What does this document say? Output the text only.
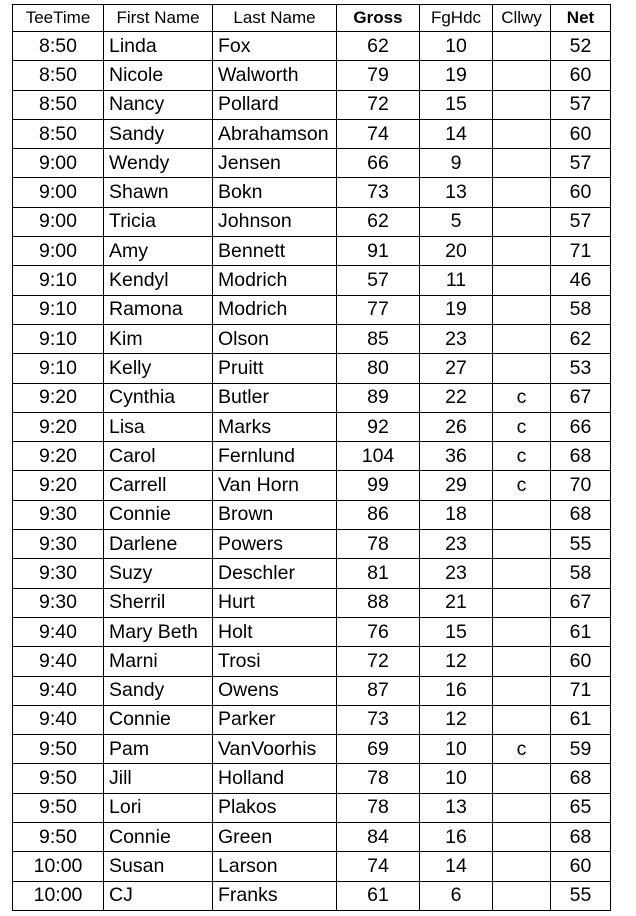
TeeTime	First Name	Last Name	Gross	FgHdc	Cllwy	Net
8:50	Linda	Fox	62	10		52
8:50	Nicole	Walworth	79	19		60
8:50	Nancy	Pollard	72	15		57
8:50	Sandy	Abrahamson	74	14		60
9:00	Wendy	Jensen	66	9		57
9:00	Shawn	Bokn	73	13		60
9:00	Tricia	Johnson	62	5		57
9:00	Amy	Bennett	91	20		71
9:10	Kendyl	Modrich	57	11		46
9:10	Ramona	Modrich	77	19		58
9:10	Kim	Olson	85	23		62
9:10	Kelly	Pruitt	80	27		53
9:20	Cynthia	Butler	89	22	c	67
9:20	Lisa	Marks	92	26	c	66
9:20	Carol	Fernlund	104	36	c	68
9:20	Carrell	Van Horn	99	29	c	70
9:30	Connie	Brown	86	18		68
9:30	Darlene	Powers	78	23		55
9:30	Suzy	Deschler	81	23		58
9:30	Sherril	Hurt	88	21		67
9:40	Mary Beth	Holt	76	15		61
9:40	Marni	Trosi	72	12		60
9:40	Sandy	Owens	87	16		71
9:40	Connie	Parker	73	12		61
9:50	Pam	VanVoorhis	69	10	c	59
9:50	Jill	Holland	78	10		68
9:50	Lori	Plakos	78	13		65
9:50	Connie	Green	84	16		68
10:00	Susan	Larson	74	14		60
10:00	CJ	Franks	61	6		55
